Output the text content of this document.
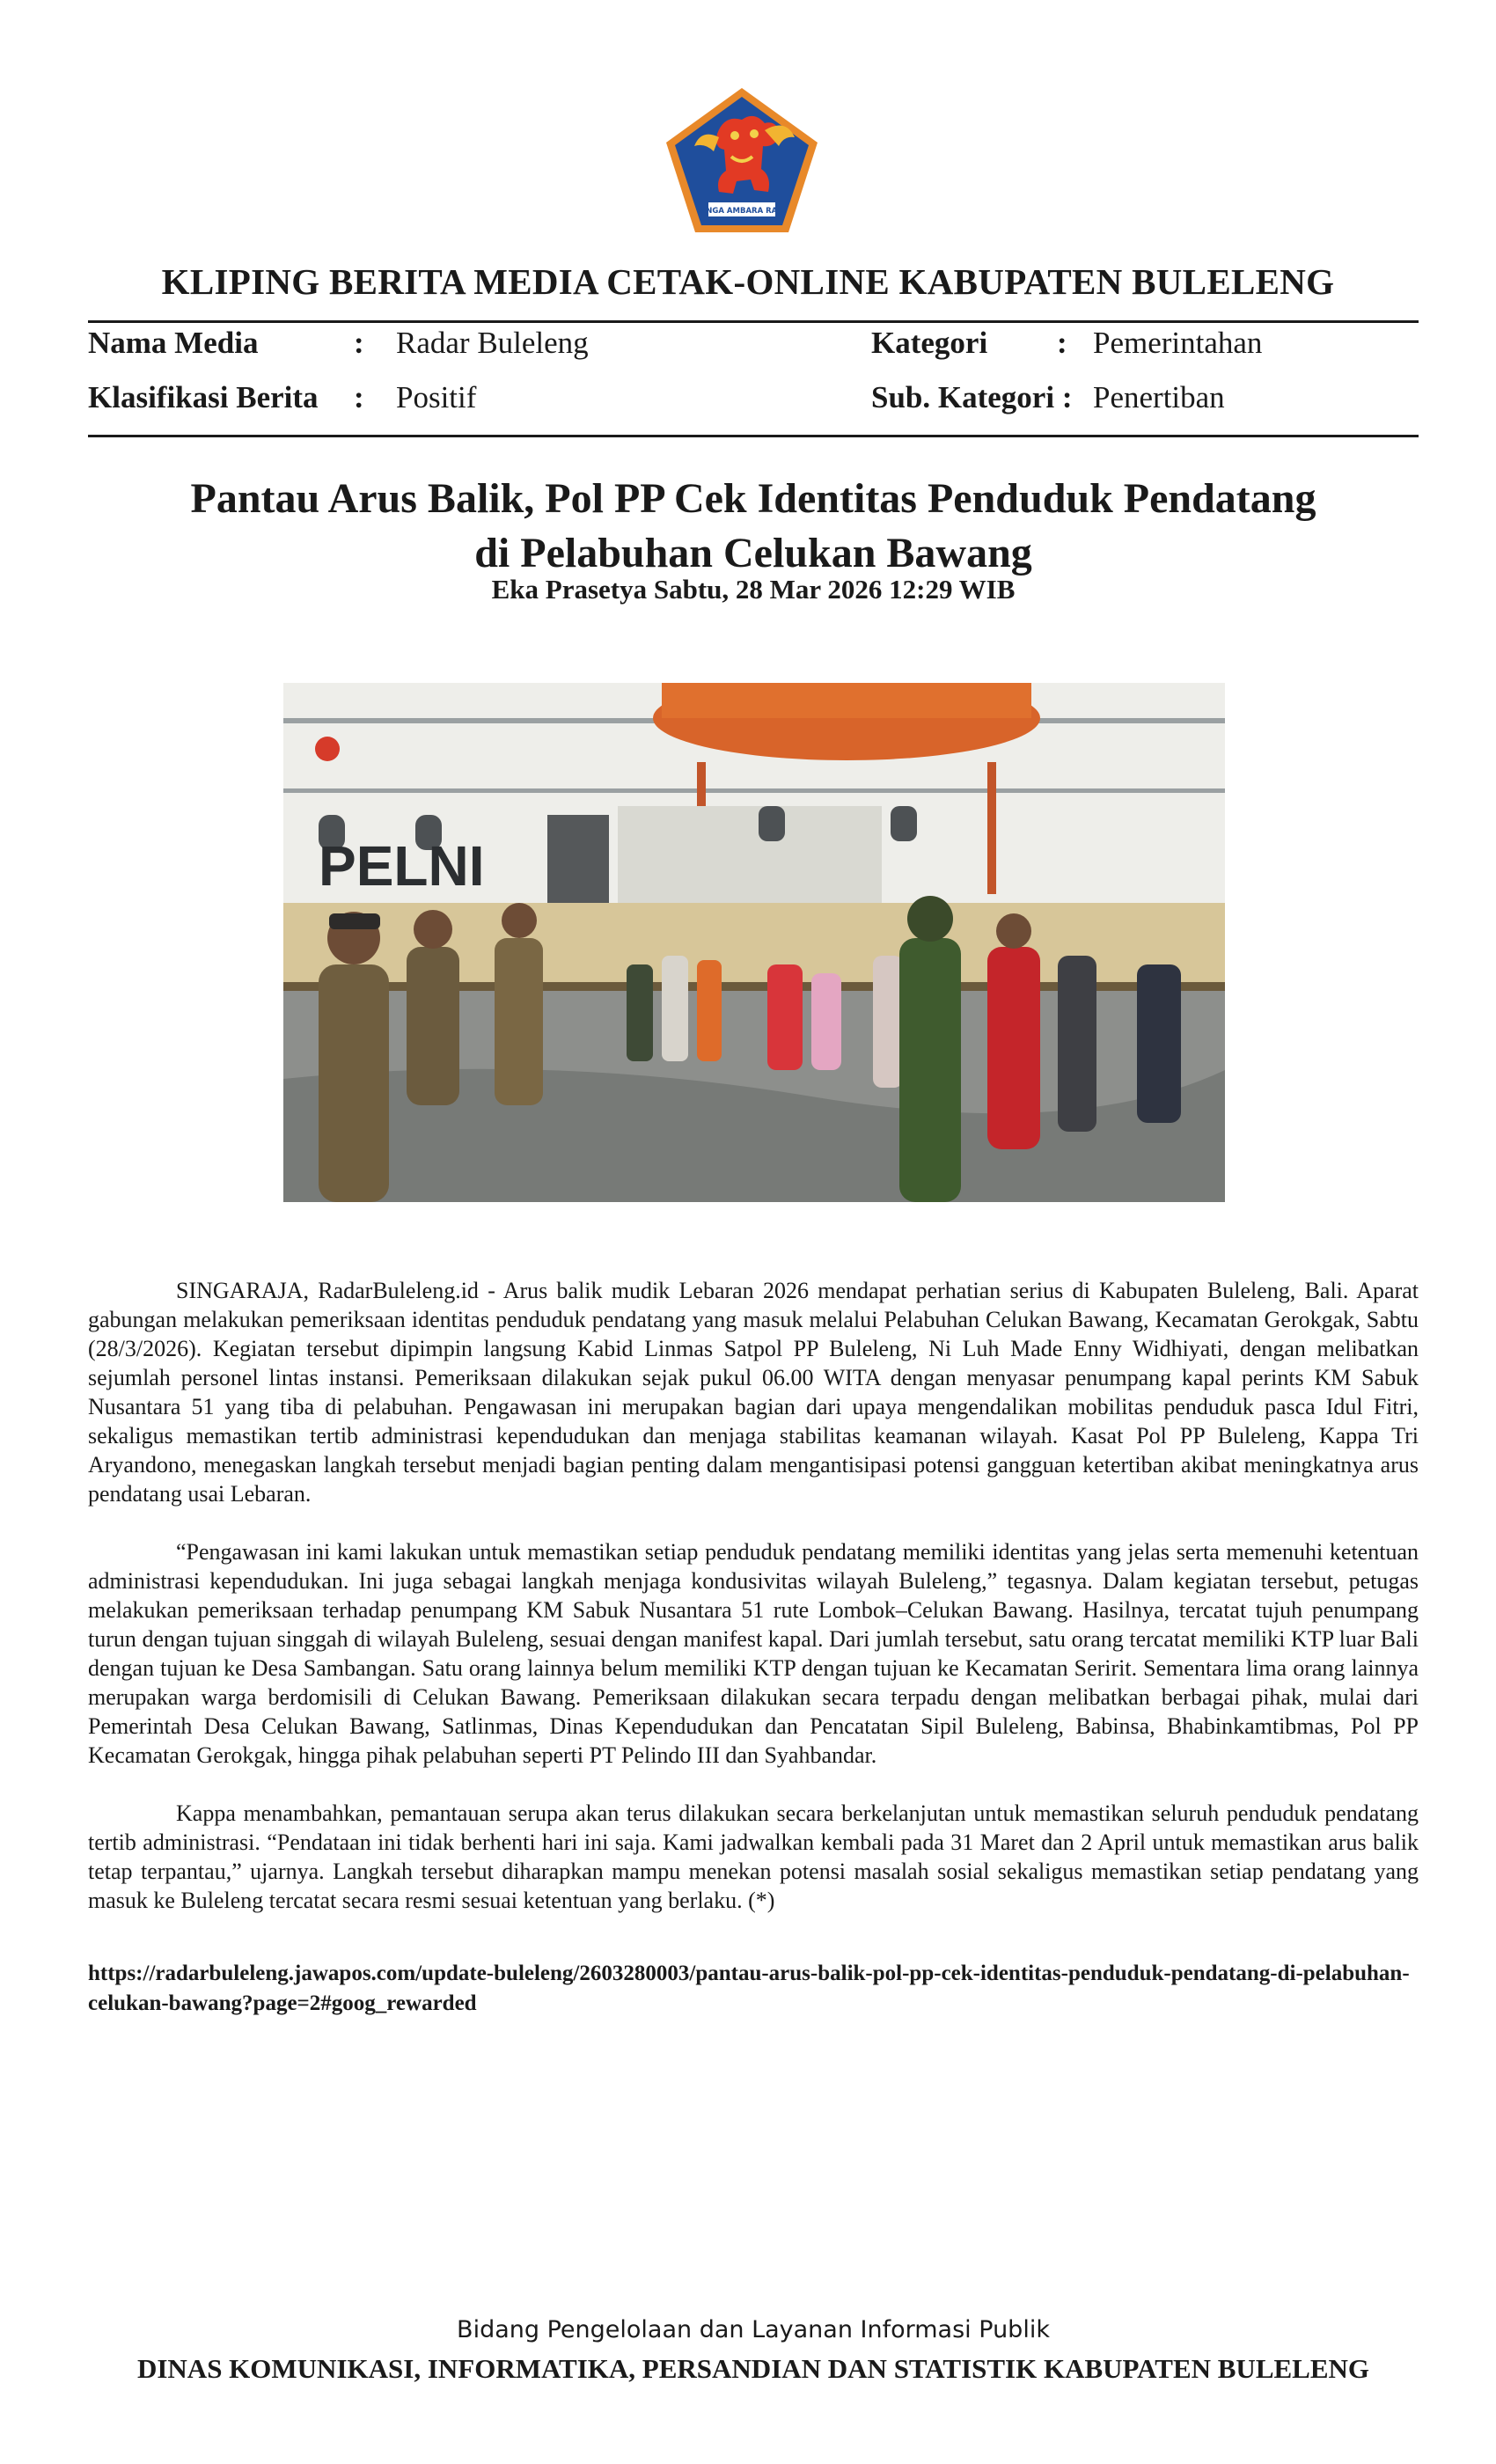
SINGA AMBARA RAJA
KLIPING BERITA MEDIA CETAK-ONLINE KABUPATEN BULELENG
Nama Media	: Radar Buleleng	Kategori : Pemerintahan
Klasifikasi Berita : Positif	Sub. Kategori : Penertiban
Pantau Arus Balik, Pol PP Cek Identitas Penduduk Pendatang
di Pelabuhan Celukan Bawang
Eka Prasetya Sabtu, 28 Mar 2026 12:29 WIB
PELNI

SINGARAJA, RadarBuleleng.id - Arus balik mudik Lebaran 2026 mendapat perhatian serius di Kabupaten Buleleng, Bali. Aparat gabungan melakukan pemeriksaan identitas penduduk pendatang yang masuk melalui Pelabuhan Celukan Bawang, Kecamatan Gerokgak, Sabtu (28/3/2026). Kegiatan tersebut dipimpin langsung Kabid Linmas Satpol PP Buleleng, Ni Luh Made Enny Widhiyati, dengan melibatkan sejumlah personel lintas instansi. Pemeriksaan dilakukan sejak pukul 06.00 WITA dengan menyasar penumpang kapal perints KM Sabuk Nusantara 51 yang tiba di pelabuhan. Pengawasan ini merupakan bagian dari upaya mengendalikan mobilitas penduduk pasca Idul Fitri, sekaligus memastikan tertib administrasi kependudukan dan menjaga stabilitas keamanan wilayah. Kasat Pol PP Buleleng, Kappa Tri Aryandono, menegaskan langkah tersebut menjadi bagian penting dalam mengantisipasi potensi gangguan ketertiban akibat meningkatnya arus pendatang usai Lebaran.

“Pengawasan ini kami lakukan untuk memastikan setiap penduduk pendatang memiliki identitas yang jelas serta memenuhi ketentuan administrasi kependudukan. Ini juga sebagai langkah menjaga kondusivitas wilayah Buleleng,” tegasnya. Dalam kegiatan tersebut, petugas melakukan pemeriksaan terhadap penumpang KM Sabuk Nusantara 51 rute Lombok–Celukan Bawang. Hasilnya, tercatat tujuh penumpang turun dengan tujuan singgah di wilayah Buleleng, sesuai dengan manifest kapal. Dari jumlah tersebut, satu orang tercatat memiliki KTP luar Bali dengan tujuan ke Desa Sambangan. Satu orang lainnya belum memiliki KTP dengan tujuan ke Kecamatan Seririt. Sementara lima orang lainnya merupakan warga berdomisili di Celukan Bawang. Pemeriksaan dilakukan secara terpadu dengan melibatkan berbagai pihak, mulai dari Pemerintah Desa Celukan Bawang, Satlinmas, Dinas Kependudukan dan Pencatatan Sipil Buleleng, Babinsa, Bhabinkamtibmas, Pol PP Kecamatan Gerokgak, hingga pihak pelabuhan seperti PT Pelindo III dan Syahbandar.

Kappa menambahkan, pemantauan serupa akan terus dilakukan secara berkelanjutan untuk memastikan seluruh penduduk pendatang tertib administrasi. “Pendataan ini tidak berhenti hari ini saja. Kami jadwalkan kembali pada 31 Maret dan 2 April untuk memastikan arus balik tetap terpantau,” ujarnya. Langkah tersebut diharapkan mampu menekan potensi masalah sosial sekaligus memastikan setiap pendatang yang masuk ke Buleleng tercatat secara resmi sesuai ketentuan yang berlaku. (*)

https://radarbuleleng.jawapos.com/update-buleleng/2603280003/pantau-arus-balik-pol-pp-cek-identitas-penduduk-pendatang-di-pelabuhan-celukan-bawang?page=2#goog_rewarded
Bidang Pengelolaan dan Layanan Informasi Publik
DINAS KOMUNIKASI, INFORMATIKA, PERSANDIAN DAN STATISTIK KABUPATEN BULELENG
